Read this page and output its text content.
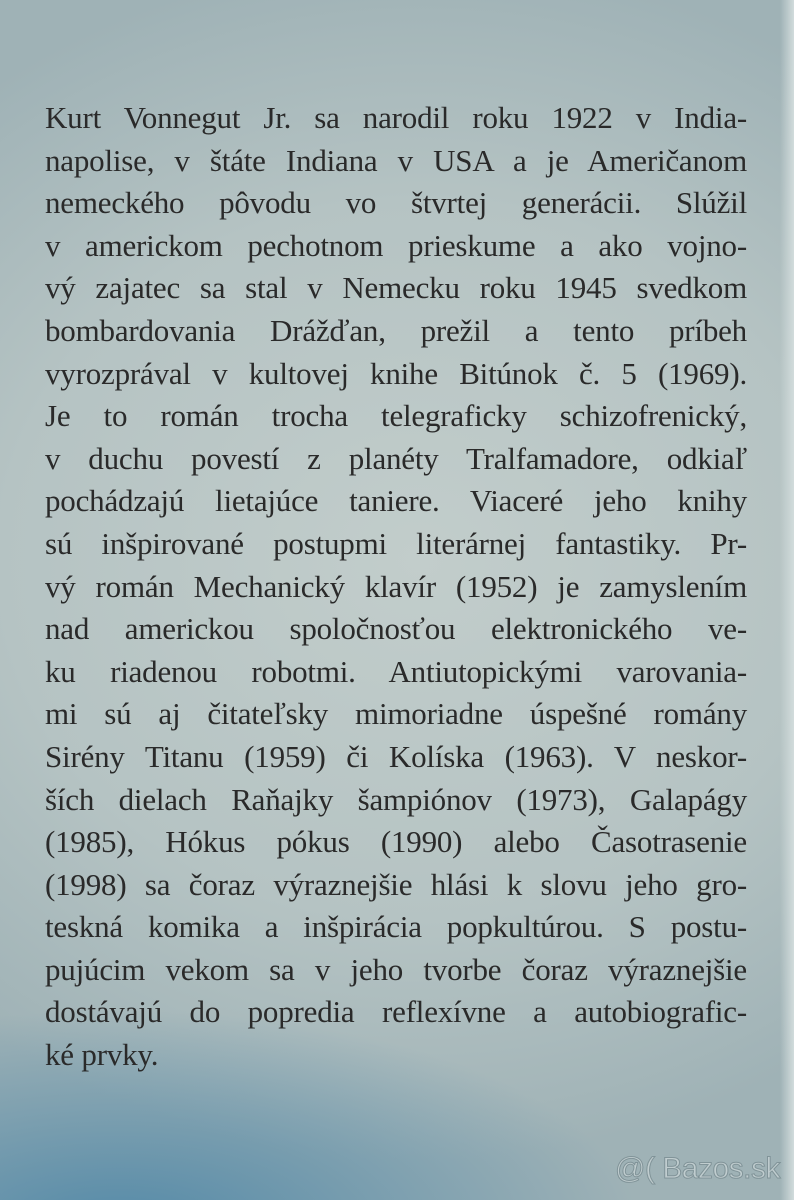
Kurt Vonnegut Jr. sa narodil roku 1922 v India-
napolise, v štáte Indiana v USA a je Američanom
nemeckého pôvodu vo štvrtej generácii. Slúžil
v americkom pechotnom prieskume a ako vojno-
vý zajatec sa stal v Nemecku roku 1945 svedkom
bombardovania Drážďan, prežil a tento príbeh
vyrozprával v kultovej knihe Bitúnok č. 5 (1969).
Je to román trocha telegraficky schizofrenický,
v duchu povestí z planéty Tralfamadore, odkiaľ
pochádzajú lietajúce taniere. Viaceré jeho knihy
sú inšpirované postupmi literárnej fantastiky. Pr-
vý román Mechanický klavír (1952) je zamyslením
nad americkou spoločnosťou elektronického ve-
ku riadenou robotmi. Antiutopickými varovania-
mi sú aj čitateľsky mimoriadne úspešné romány
Sirény Titanu (1959) či Kolíska (1963). V neskor-
ších dielach Raňajky šampiónov (1973), Galapágy
(1985), Hókus pókus (1990) alebo Časotrasenie
(1998) sa čoraz výraznejšie hlási k slovu jeho gro-
teskná komika a inšpirácia popkultúrou. S postu-
pujúcim vekom sa v jeho tvorbe čoraz výraznejšie
dostávajú do popredia reflexívne a autobiografic-
ké prvky.
@( Bazos.sk
